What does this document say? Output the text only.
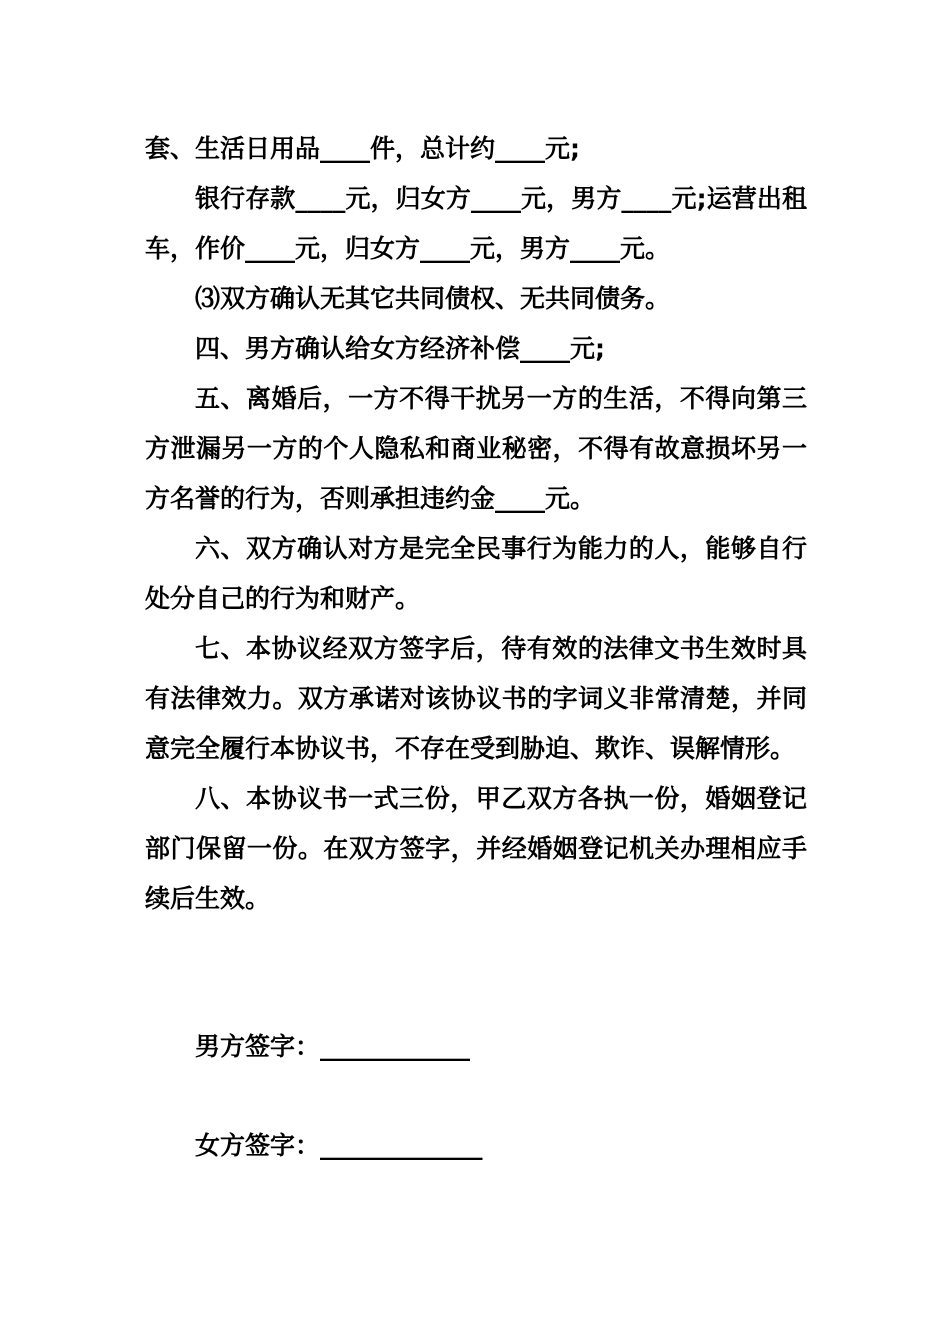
套、生活日用品____件，总计约____元;

银行存款____元，归女方____元，男方____元;运营出租车，作价____元，归女方____元，男方____元。

⑶双方确认无其它共同债权、无共同债务。

四、男方确认给女方经济补偿____元;

五、离婚后，一方不得干扰另一方的生活，不得向第三方泄漏另一方的个人隐私和商业秘密，不得有故意损坏另一方名誉的行为，否则承担违约金____元。

六、双方确认对方是完全民事行为能力的人，能够自行处分自己的行为和财产。

七、本协议经双方签字后，待有效的法律文书生效时具有法律效力。双方承诺对该协议书的字词义非常清楚，并同意完全履行本协议书，不存在受到胁迫、欺诈、误解情形。

八、本协议书一式三份，甲乙双方各执一份，婚姻登记部门保留一份。在双方签字，并经婚姻登记机关办理相应手续后生效。

男方签字：____________

女方签字：_____________
